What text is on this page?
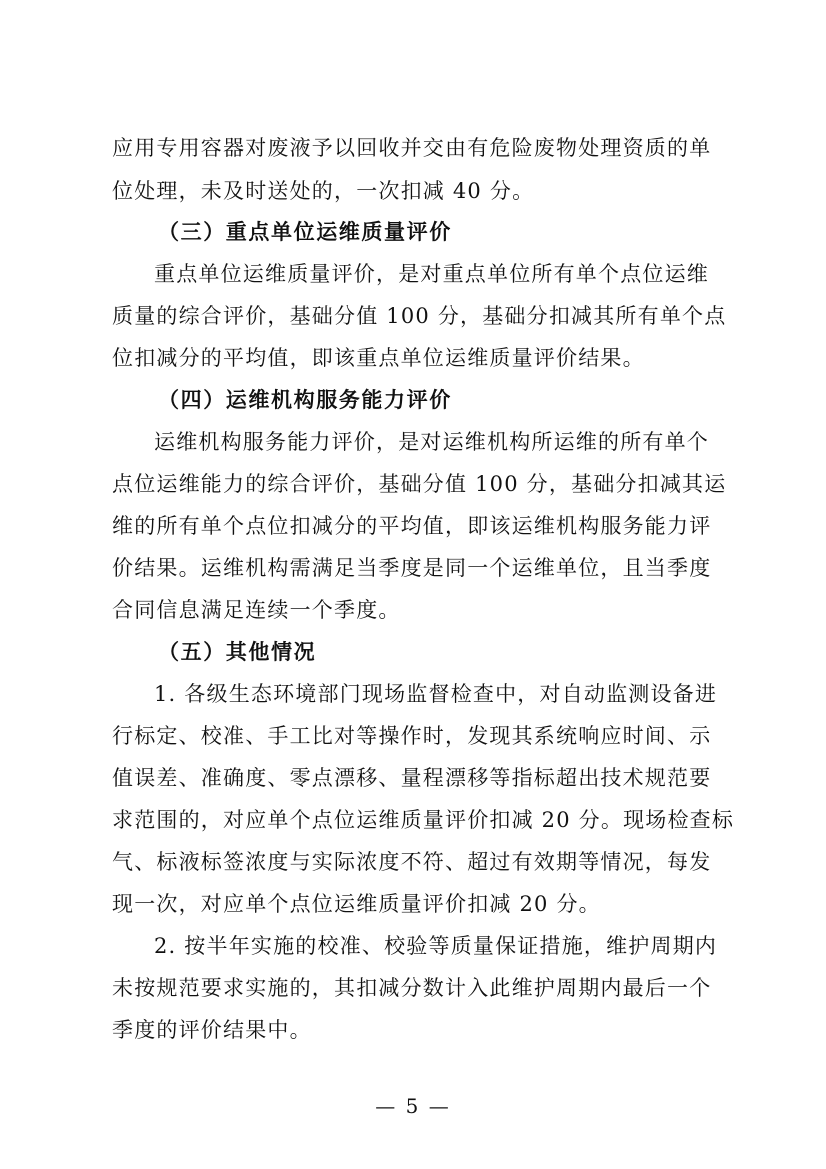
应用专用容器对废液予以回收并交由有危险废物处理资质的单
位处理，未及时送处的，一次扣减 40 分。
（三）重点单位运维质量评价
重点单位运维质量评价，是对重点单位所有单个点位运维
质量的综合评价，基础分值 100 分，基础分扣减其所有单个点
位扣减分的平均值，即该重点单位运维质量评价结果。
（四）运维机构服务能力评价
运维机构服务能力评价，是对运维机构所运维的所有单个
点位运维能力的综合评价，基础分值 100 分，基础分扣减其运
维的所有单个点位扣减分的平均值，即该运维机构服务能力评
价结果。运维机构需满足当季度是同一个运维单位，且当季度
合同信息满足连续一个季度。
（五）其他情况
1. 各级生态环境部门现场监督检查中，对自动监测设备进
行标定、校准、手工比对等操作时，发现其系统响应时间、示
值误差、准确度、零点漂移、量程漂移等指标超出技术规范要
求范围的，对应单个点位运维质量评价扣减 20 分。现场检查标
气、标液标签浓度与实际浓度不符、超过有效期等情况，每发
现一次，对应单个点位运维质量评价扣减 20 分。
2. 按半年实施的校准、校验等质量保证措施，维护周期内
未按规范要求实施的，其扣减分数计入此维护周期内最后一个
季度的评价结果中。
— 5 —
